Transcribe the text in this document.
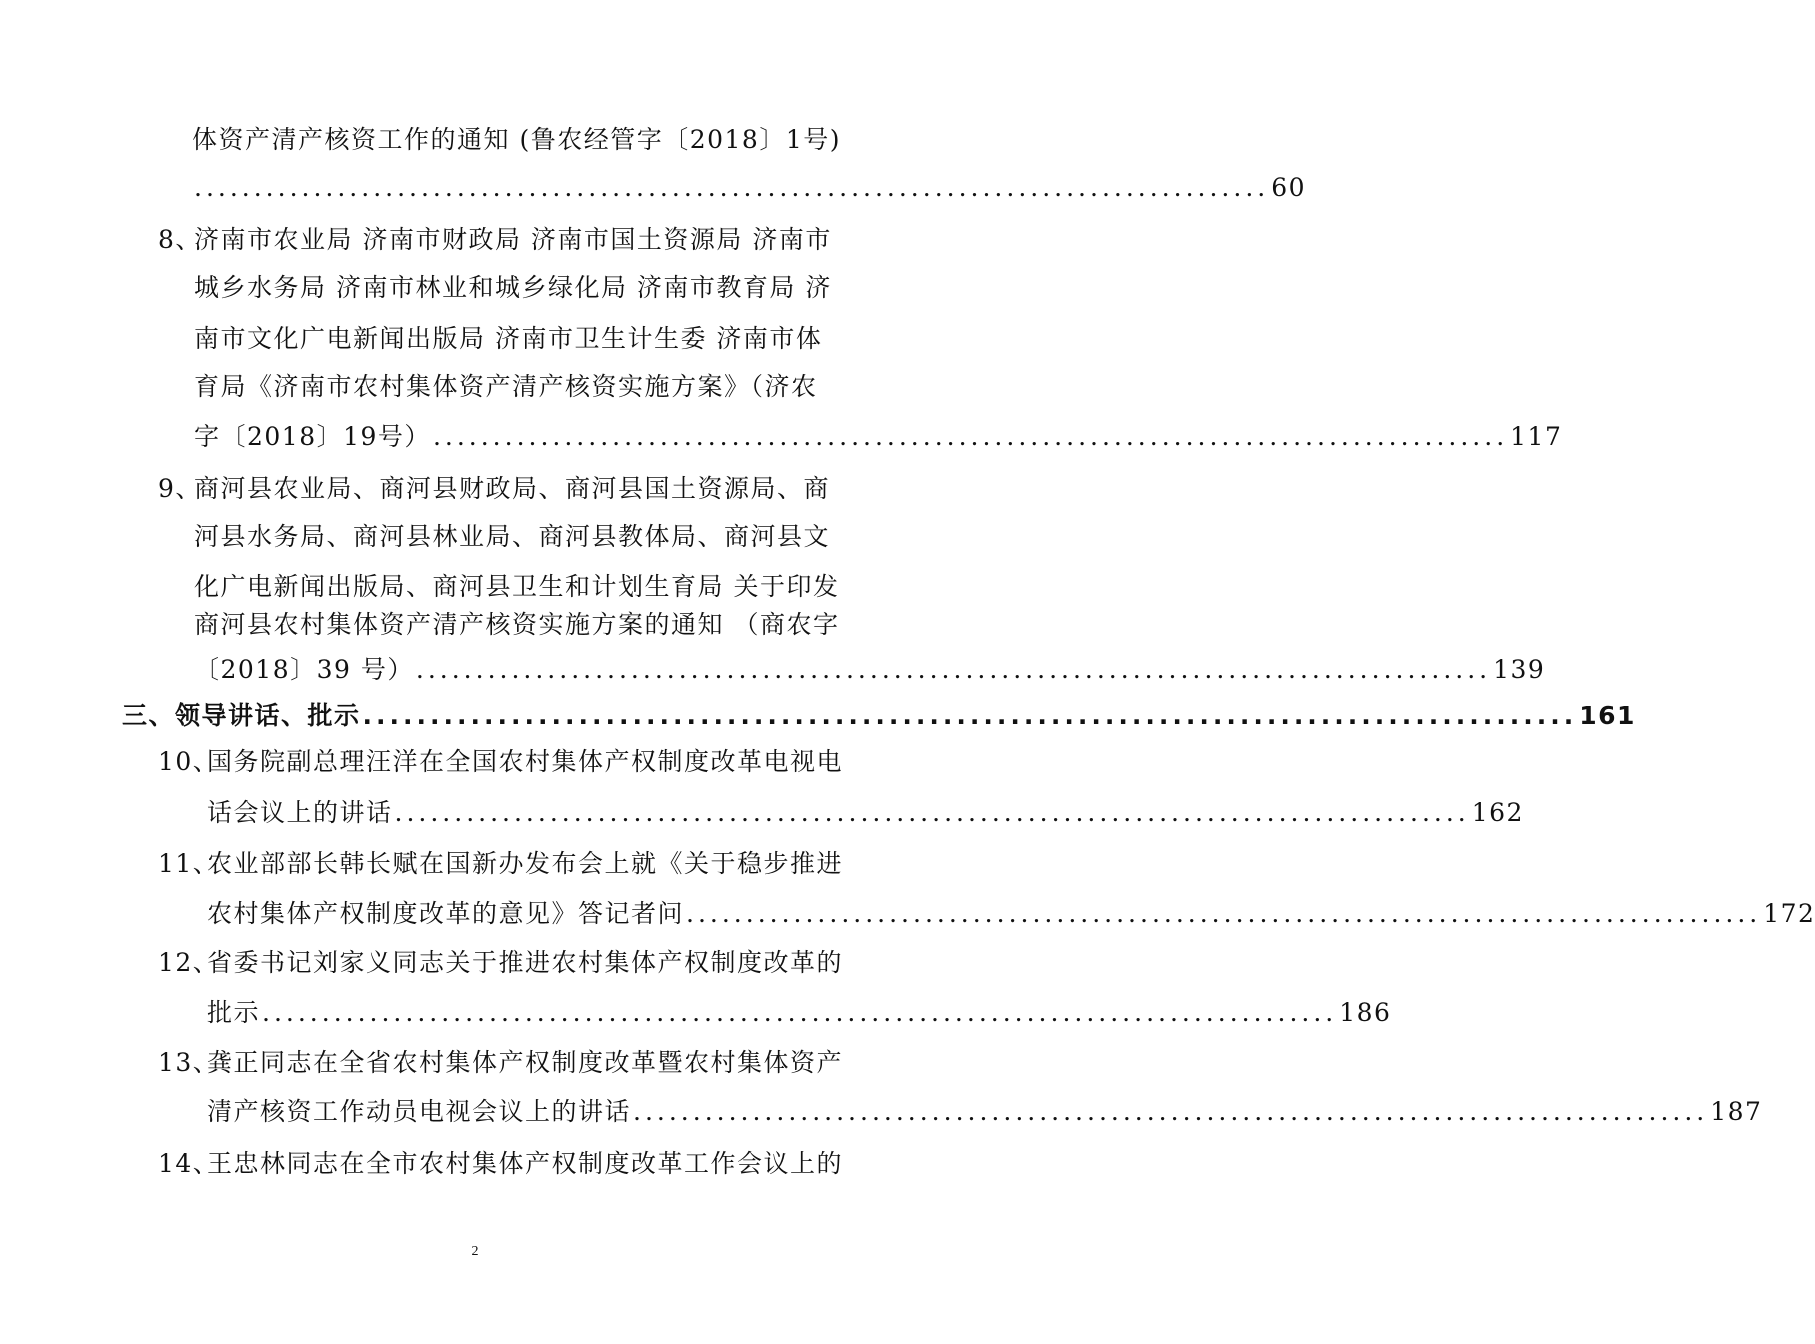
体资产清产核资工作的通知 (鲁农经管字〔2018〕1号)
.......................................................................................... 60
8、
济南市农业局 济南市财政局 济南市国土资源局 济南市
城乡水务局 济南市林业和城乡绿化局 济南市教育局 济
南市文化广电新闻出版局 济南市卫生计生委 济南市体
育局《济南市农村集体资产清产核资实施方案》（济农
字〔2018〕19号） .......................................................................................... 117
9、
商河县农业局、商河县财政局、商河县国土资源局、商
河县水务局、商河县林业局、商河县教体局、商河县文
化广电新闻出版局、商河县卫生和计划生育局 关于印发
商河县农村集体资产清产核资实施方案的通知 （商农字
〔2018〕39 号） .......................................................................................... 139
三、领导讲话、批示 .......................................................................................... 161
10、
国务院副总理汪洋在全国农村集体产权制度改革电视电
话会议上的讲话 .......................................................................................... 162
11、
农业部部长韩长赋在国新办发布会上就《关于稳步推进
农村集体产权制度改革的意见》答记者问 .......................................................................................... 172
12、
省委书记刘家义同志关于推进农村集体产权制度改革的
批示 .......................................................................................... 186
13、
龚正同志在全省农村集体产权制度改革暨农村集体资产
清产核资工作动员电视会议上的讲话 .......................................................................................... 187
14、
王忠林同志在全市农村集体产权制度改革工作会议上的
2
